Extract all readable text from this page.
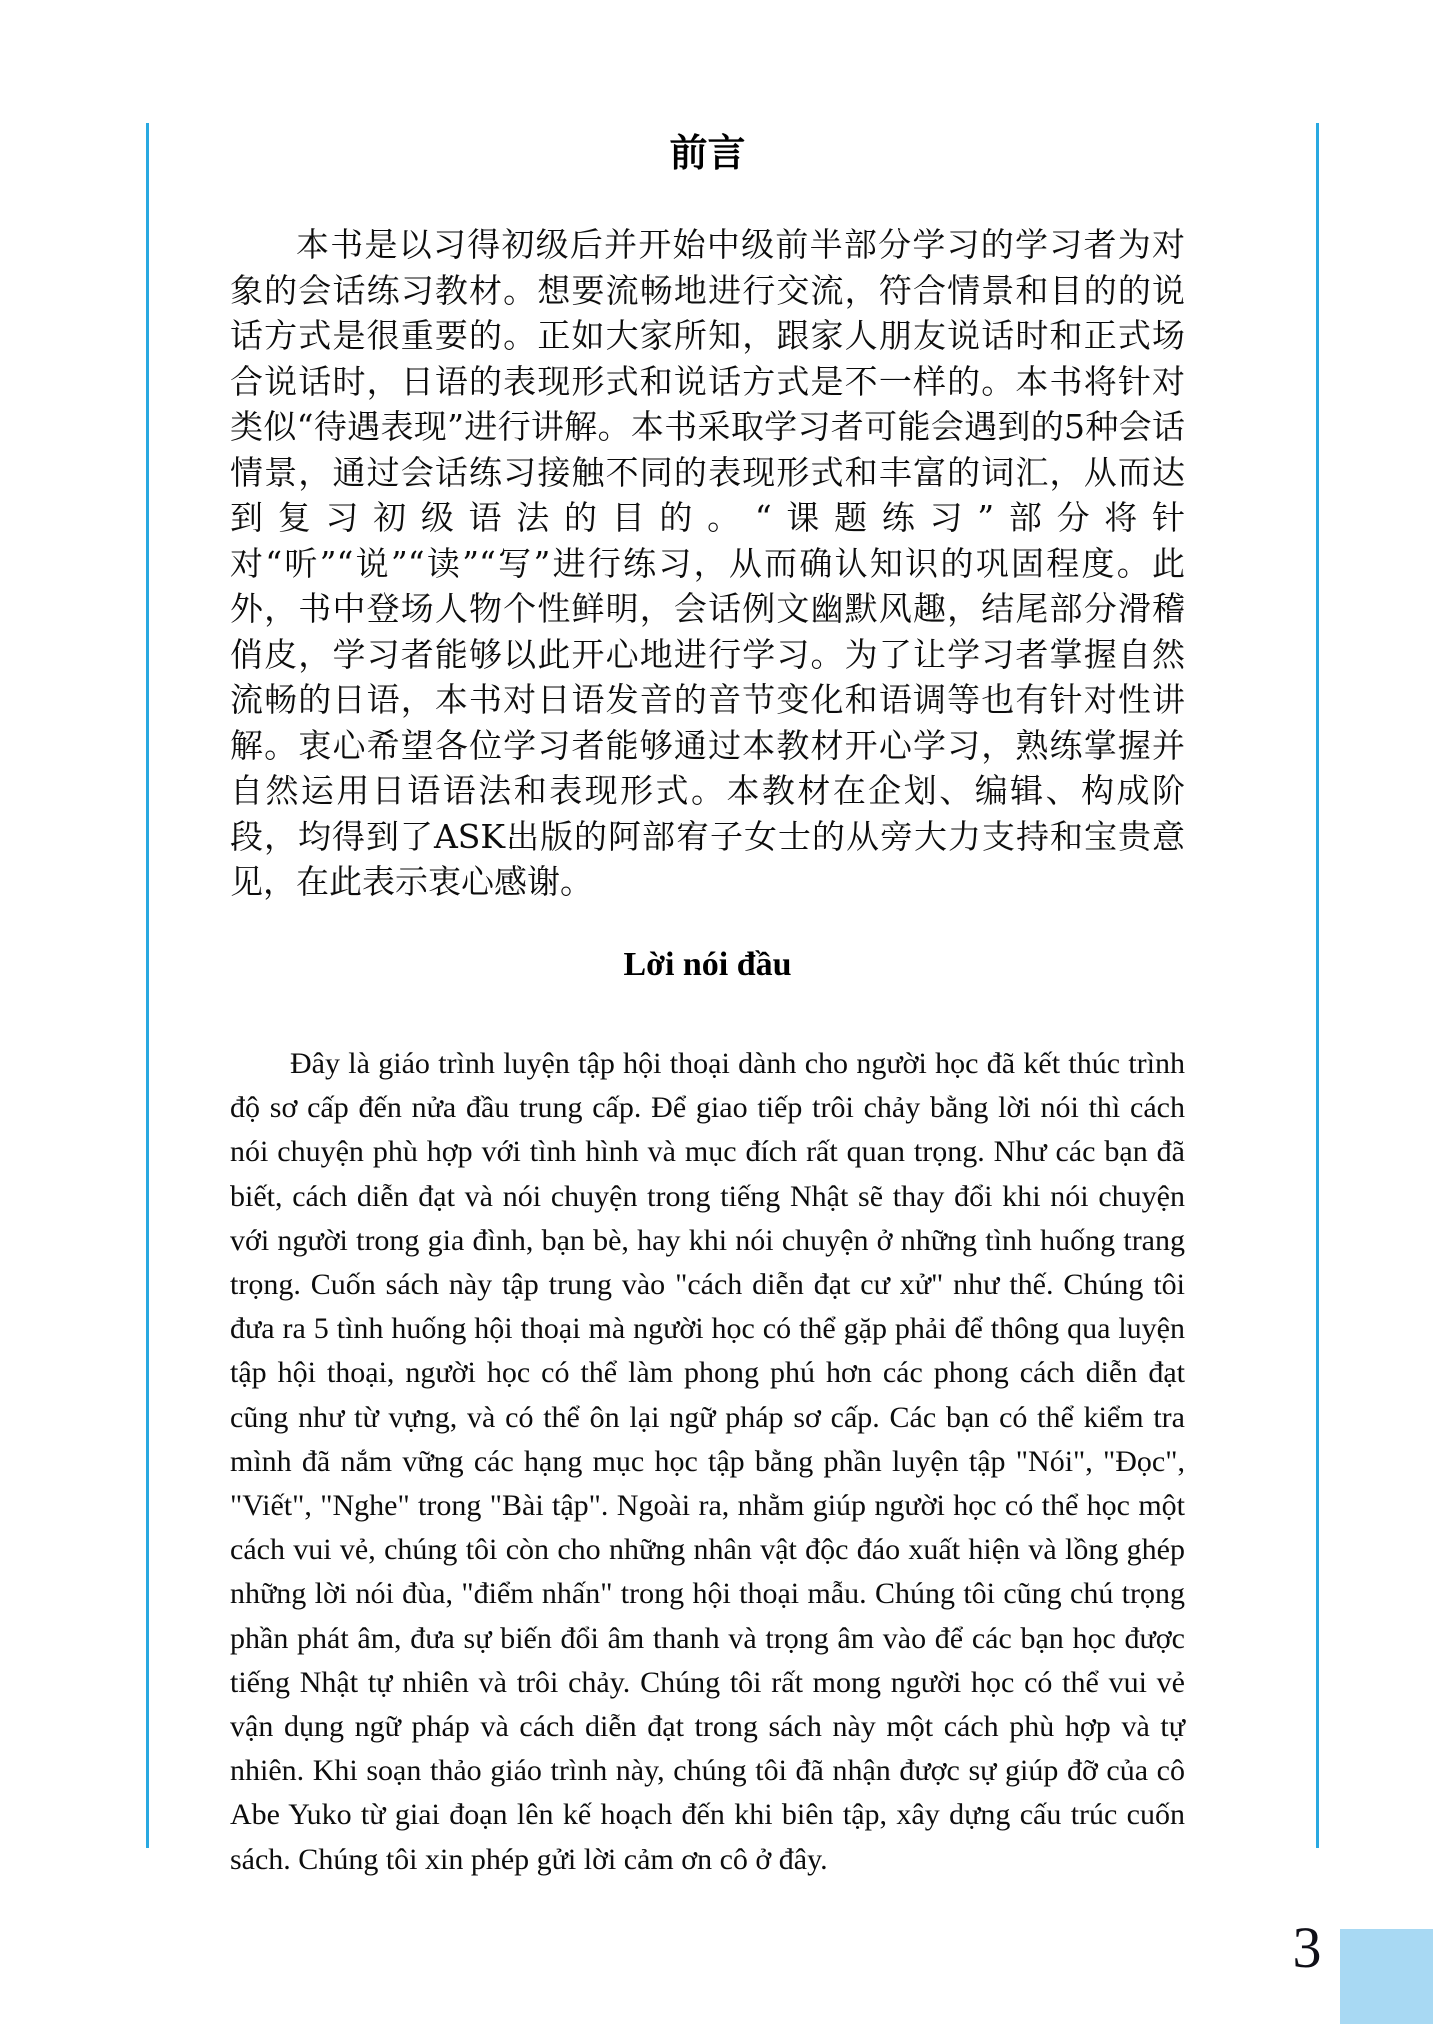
前言

本书是以习得初级后并开始中级前半部分学习的学习者为对象的会话练习教材。想要流畅地进行交流，符合情景和目的的说话方式是很重要的。正如大家所知，跟家人朋友说话时和正式场合说话时，日语的表现形式和说话方式是不一样的。本书将针对类似“待遇表现”进行讲解。本书采取学习者可能会遇到的5种会话情景，通过会话练习接触不同的表现形式和丰富的词汇，从而达到复习初级语法的目的。“课题练习”部分将针对“听”“说”“读”“写”进行练习，从而确认知识的巩固程度。此外，书中登场人物个性鲜明，会话例文幽默风趣，结尾部分滑稽俏皮，学习者能够以此开心地进行学习。为了让学习者掌握自然流畅的日语，本书对日语发音的音节变化和语调等也有针对性讲解。衷心希望各位学习者能够通过本教材开心学习，熟练掌握并自然运用日语语法和表现形式。本教材在企划、编辑、构成阶段，均得到了ASK出版的阿部宥子女士的从旁大力支持和宝贵意见，在此表示衷心感谢。

Lời nói đầu

Đây là giáo trình luyện tập hội thoại dành cho người học đã kết thúc trình độ sơ cấp đến nửa đầu trung cấp. Để giao tiếp trôi chảy bằng lời nói thì cách nói chuyện phù hợp với tình hình và mục đích rất quan trọng. Như các bạn đã biết, cách diễn đạt và nói chuyện trong tiếng Nhật sẽ thay đổi khi nói chuyện với người trong gia đình, bạn bè, hay khi nói chuyện ở những tình huống trang trọng. Cuốn sách này tập trung vào "cách diễn đạt cư xử" như thế. Chúng tôi đưa ra 5 tình huống hội thoại mà người học có thể gặp phải để thông qua luyện tập hội thoại, người học có thể làm phong phú hơn các phong cách diễn đạt cũng như từ vựng, và có thể ôn lại ngữ pháp sơ cấp. Các bạn có thể kiểm tra mình đã nắm vững các hạng mục học tập bằng phần luyện tập "Nói", "Đọc", "Viết", "Nghe" trong "Bài tập". Ngoài ra, nhằm giúp người học có thể học một cách vui vẻ, chúng tôi còn cho những nhân vật độc đáo xuất hiện và lồng ghép những lời nói đùa, "điểm nhấn" trong hội thoại mẫu. Chúng tôi cũng chú trọng phần phát âm, đưa sự biến đổi âm thanh và trọng âm vào để các bạn học được tiếng Nhật tự nhiên và trôi chảy. Chúng tôi rất mong người học có thể vui vẻ vận dụng ngữ pháp và cách diễn đạt trong sách này một cách phù hợp và tự nhiên. Khi soạn thảo giáo trình này, chúng tôi đã nhận được sự giúp đỡ của cô Abe Yuko từ giai đoạn lên kế hoạch đến khi biên tập, xây dựng cấu trúc cuốn sách. Chúng tôi xin phép gửi lời cảm ơn cô ở đây.

3
